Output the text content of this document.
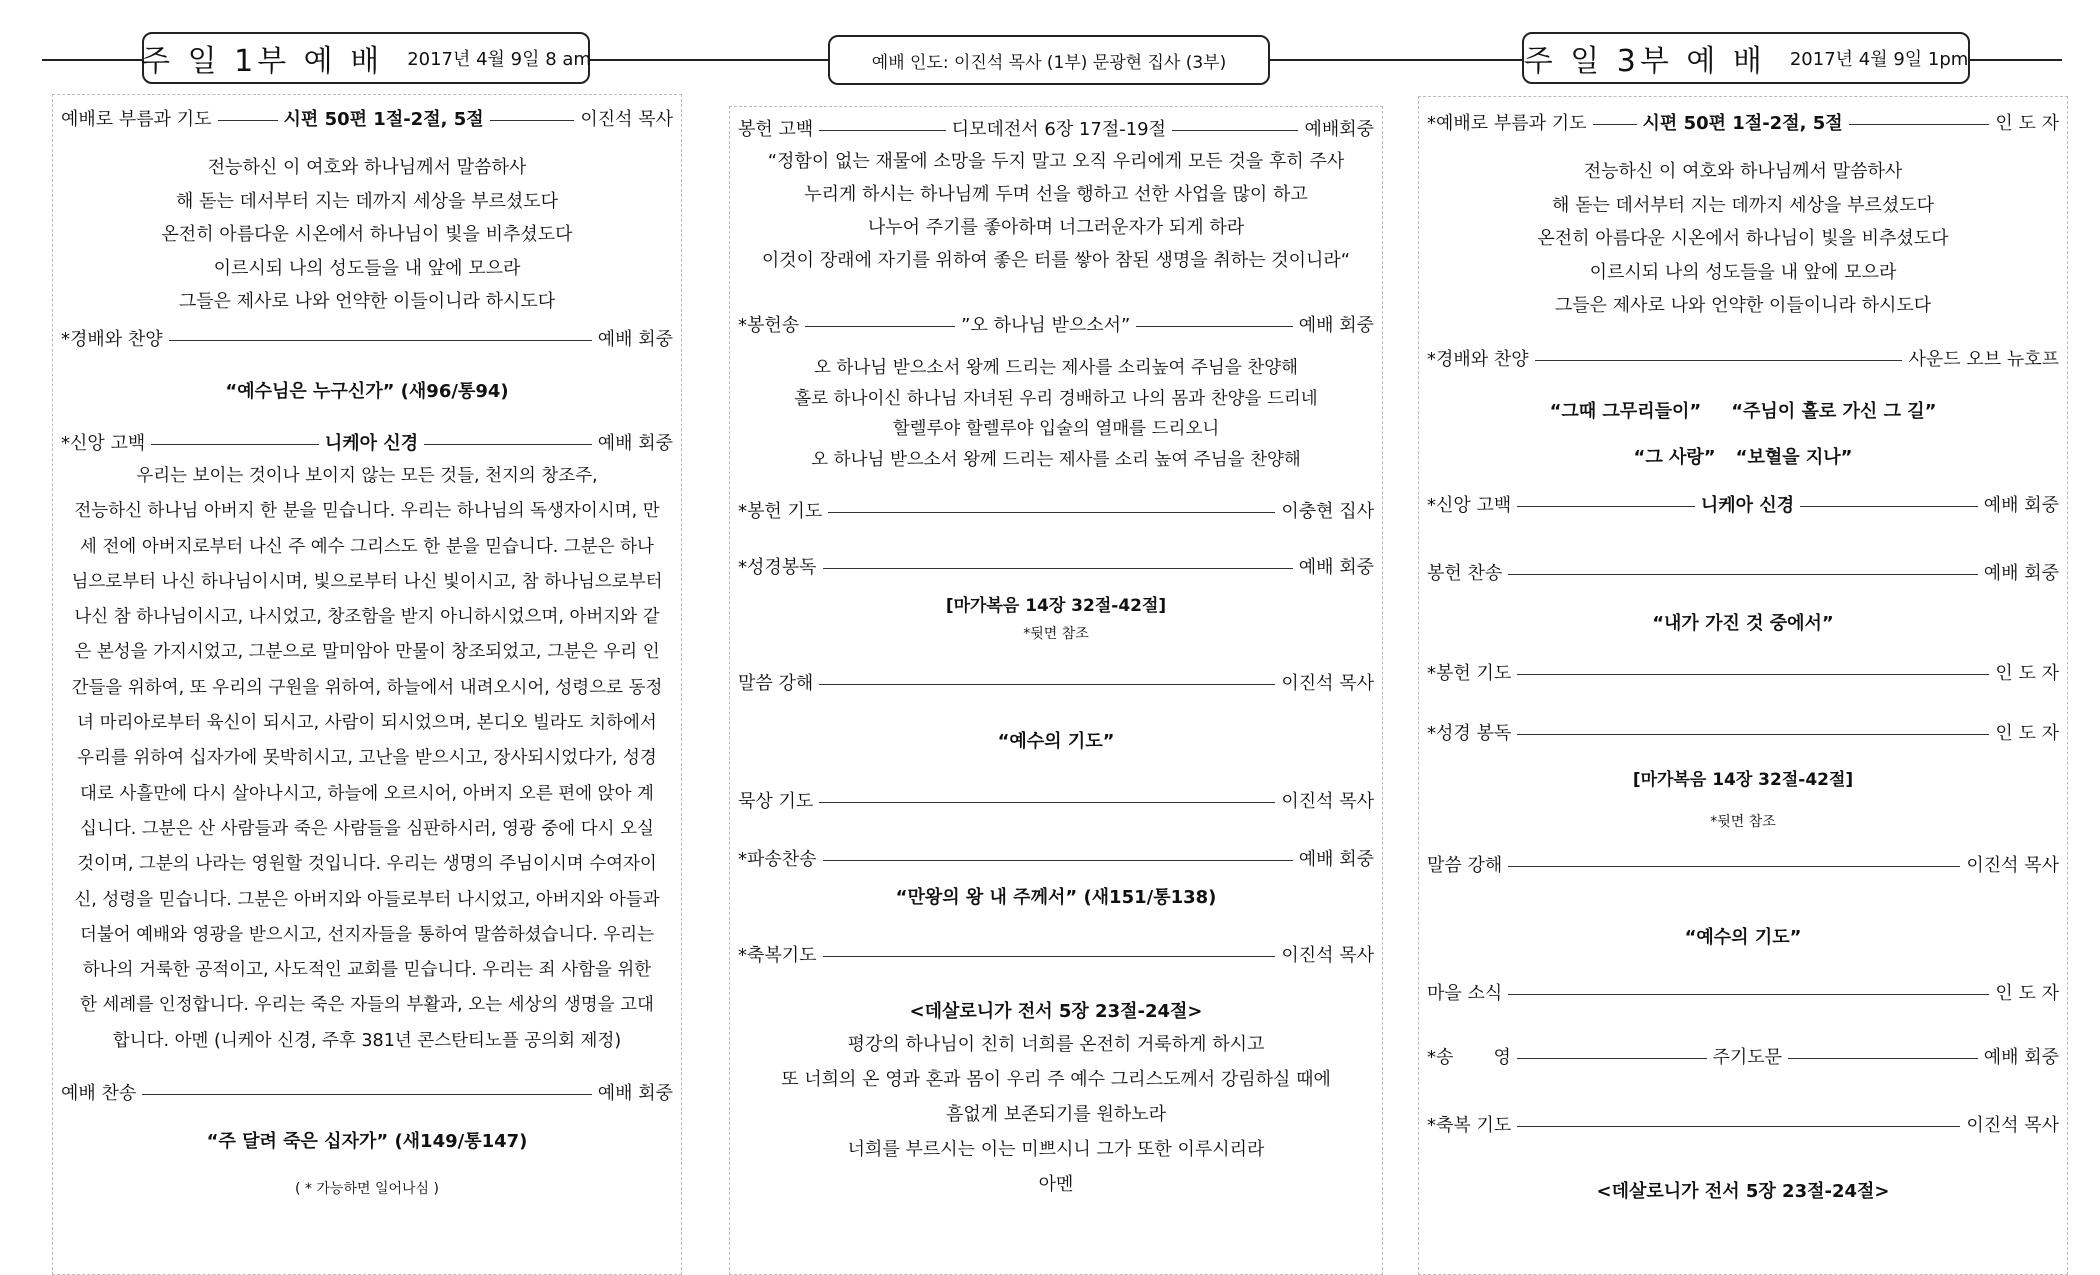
주 일 1부 예 배 2017년 4월 9일 8 am	예배 인도: 이진석 목사 (1부) 문광현 집사 (3부)	주 일 3부 예 배 2017년 4월 9일 1pm
예배로 부름과 기도	시편 50편 1절-2절, 5절	이진석 목사
전능하신 이 여호와 하나님께서 말씀하사
해 돋는 데서부터 지는 데까지 세상을 부르셨도다
온전히 아름다운 시온에서 하나님이 빛을 비추셨도다
이르시되 나의 성도들을 내 앞에 모으라
그들은 제사로 나와 언약한 이들이니라 하시도다
*경배와 찬양	예배 회중
“예수님은 누구신가” (새96/통94)
*신앙 고백	니케아 신경	예배 회중
우리는 보이는 것이나 보이지 않는 모든 것들, 천지의 창조주,
전능하신 하나님 아버지 한 분을 믿습니다. 우리는 하나님의 독생자이시며, 만
세 전에 아버지로부터 나신 주 예수 그리스도 한 분을 믿습니다. 그분은 하나
님으로부터 나신 하나님이시며, 빛으로부터 나신 빛이시고, 참 하나님으로부터
나신 참 하나님이시고, 나시었고, 창조함을 받지 아니하시었으며, 아버지와 같
은 본성을 가지시었고, 그분으로 말미암아 만물이 창조되었고, 그분은 우리 인
간들을 위하여, 또 우리의 구원을 위하여, 하늘에서 내려오시어, 성령으로 동정
녀 마리아로부터 육신이 되시고, 사람이 되시었으며, 본디오 빌라도 치하에서
우리를 위하여 십자가에 못박히시고, 고난을 받으시고, 장사되시었다가, 성경
대로 사흘만에 다시 살아나시고, 하늘에 오르시어, 아버지 오른 편에 앉아 계
십니다. 그분은 산 사람들과 죽은 사람들을 심판하시러, 영광 중에 다시 오실
것이며, 그분의 나라는 영원할 것입니다. 우리는 생명의 주님이시며 수여자이
신, 성령을 믿습니다. 그분은 아버지와 아들로부터 나시었고, 아버지와 아들과
더불어 예배와 영광을 받으시고, 선지자들을 통하여 말씀하셨습니다. 우리는
하나의 거룩한 공적이고, 사도적인 교회를 믿습니다. 우리는 죄 사함을 위한
한 세례를 인정합니다. 우리는 죽은 자들의 부활과, 오는 세상의 생명을 고대
합니다. 아멘 (니케아 신경, 주후 381년 콘스탄티노플 공의회 제정)
예배 찬송	예배 회중
“주 달려 죽은 십자가” (새149/통147)
( * 가능하면 일어나심 )
봉헌 고백	디모데전서 6장 17절-19절	예배회중
“정함이 없는 재물에 소망을 두지 말고 오직 우리에게 모든 것을 후히 주사
누리게 하시는 하나님께 두며 선을 행하고 선한 사업을 많이 하고
나누어 주기를 좋아하며 너그러운자가 되게 하라
이것이 장래에 자기를 위하여 좋은 터를 쌓아 참된 생명을 취하는 것이니라“
*봉헌송	”오 하나님 받으소서”	예배 회중
오 하나님 받으소서 왕께 드리는 제사를 소리높여 주님을 찬양해
홀로 하나이신 하나님 자녀된 우리 경배하고 나의 몸과 찬양을 드리네
할렐루야 할렐루야 입술의 열매를 드리오니
오 하나님 받으소서 왕께 드리는 제사를 소리 높여 주님을 찬양해
*봉헌 기도	이충현 집사
*성경봉독	예배 회중
[마가복음 14장 32절-42절]
*뒷면 참조
말씀 강해	이진석 목사
“예수의 기도”
묵상 기도	이진석 목사
*파송찬송	예배 회중
“만왕의 왕 내 주께서” (새151/통138)
*축복기도	이진석 목사
<데살로니가 전서 5장 23절-24절>
평강의 하나님이 친히 너희를 온전히 거룩하게 하시고
또 너희의 온 영과 혼과 몸이 우리 주 예수 그리스도께서 강림하실 때에
흠없게 보존되기를 원하노라
너희를 부르시는 이는 미쁘시니 그가 또한 이루시리라
아멘
*예배로 부름과 기도	시편 50편 1절-2절, 5절	인 도 자
전능하신 이 여호와 하나님께서 말씀하사
해 돋는 데서부터 지는 데까지 세상을 부르셨도다
온전히 아름다운 시온에서 하나님이 빛을 비추셨도다
이르시되 나의 성도들을 내 앞에 모으라
그들은 제사로 나와 언약한 이들이니라 하시도다
*경배와 찬양	사운드 오브 뉴호프
“그때 그무리들이” “주님이 홀로 가신 그 길”
“그 사랑” “보혈을 지나”
*신앙 고백	니케아 신경	예배 회중
봉헌 찬송	예배 회중
“내가 가진 것 중에서”
*봉헌 기도	인 도 자
*성경 봉독	인 도 자
[마가복음 14장 32절-42절]
*뒷면 참조
말씀 강해	이진석 목사
“예수의 기도”
마을 소식	인 도 자
*송       영	주기도문	예배 회중
*축복 기도	이진석 목사
<데살로니가 전서 5장 23절-24절>
